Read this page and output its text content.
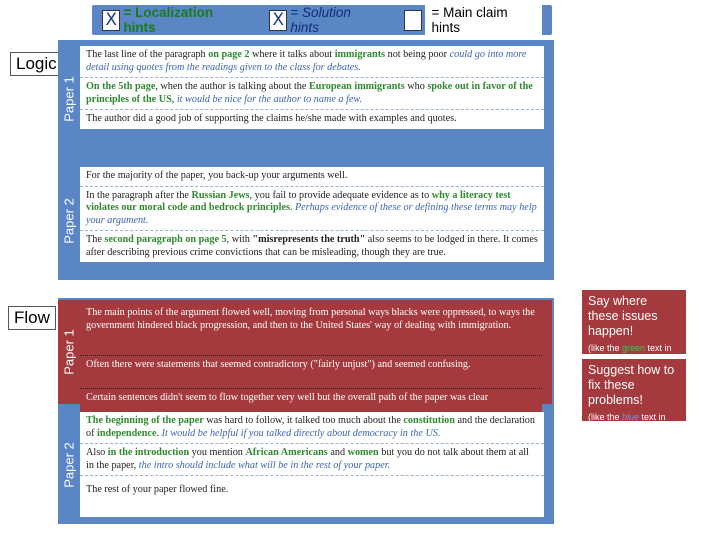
X = Localization hints	X = Solution hints
= Main claim hints
Logic
Flow
Paper 1
Paper 2
The last line of the paragraph on page 2 where it talks about immigrants not being poor could go into more detail using quotes from the readings given to the class for debates.
On the 5th page, when the author is talking about the European immigrants who spoke out in favor of the principles of the US, it would be nice for the author to name a few.
The author did a good job of supporting the claims he/she made with examples and quotes.
For the majority of the paper, you back-up your arguments well.
In the paragraph after the Russian Jews, you fail to provide adequate evidence as to why a literacy test violates our moral code and bedrock principles. Perhaps evidence of these or defining these terms may help your argument.
The second paragraph on page 5, with "misrepresents the truth" also seems to be lodged in there. It comes after describing previous crime convictions that can be misleading, though they are true.
Paper 1
Paper 2
The main points of the argument flowed well, moving from personal ways blacks were oppressed, to ways the government hindered black progression, and then to the United States' way of dealing with immigration.
Often there were statements that seemed contradictory ("fairly unjust") and seemed confusing.
Certain sentences didn't seem to flow together very well but the overall path of the paper was clear
The beginning of the paper was hard to follow, it talked too much about the constitution and the declaration of independence. It would be helpful if you talked directly about democracy in the US.
Also in the introduction you mention African Americans and women but you do not talk about them at all in the paper, the intro should include what will be in the rest of your paper.
The rest of your paper flowed fine.
Say where these issues happen!
(like the green text in
Suggest how to fix these problems!
(like the blue text in other comments)
